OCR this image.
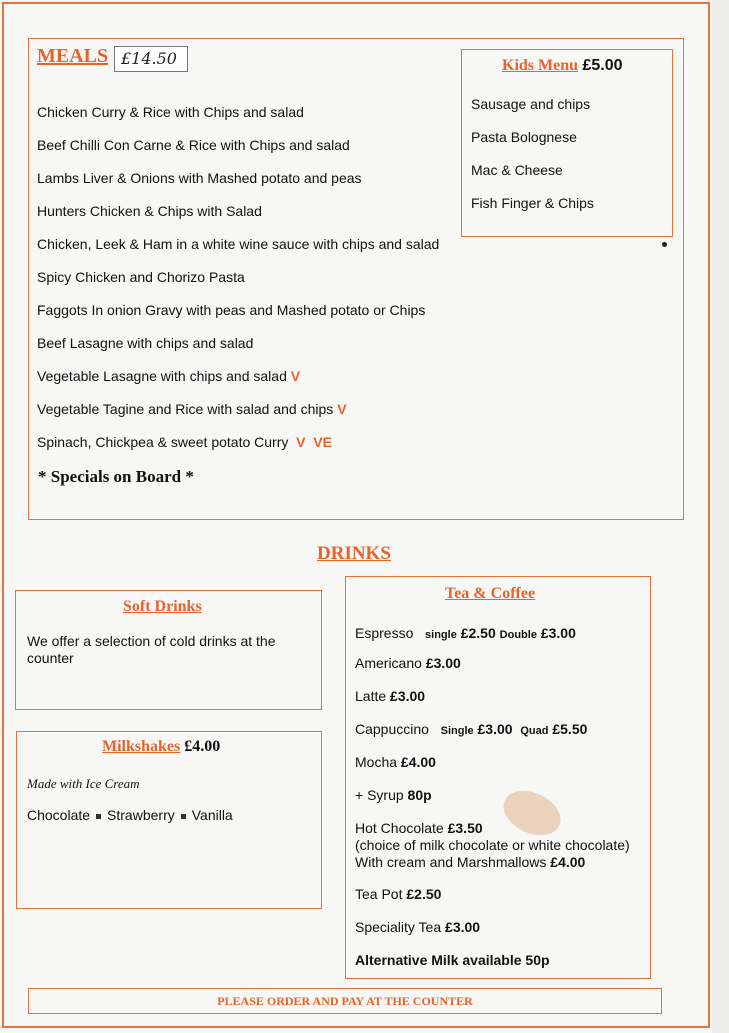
MEALS £14.50
Chicken Curry & Rice with Chips and salad
Beef Chilli Con Carne & Rice with Chips and salad
Lambs Liver & Onions with Mashed potato and peas
Hunters Chicken & Chips with Salad
Chicken, Leek & Ham in a white wine sauce with chips and salad
Spicy Chicken and Chorizo Pasta
Faggots In onion Gravy with peas and Mashed potato or Chips
Beef Lasagne with chips and salad
Vegetable Lasagne with chips and salad V
Vegetable Tagine and Rice with salad and chips V
Spinach, Chickpea & sweet potato Curry V  VE
* Specials on Board *
Kids Menu £5.00
Sausage and chips
Pasta Bolognese
Mac & Cheese
Fish Finger & Chips
DRINKS
Soft Drinks
We offer a selection of cold drinks at the counter
Milkshakes £4.00
Made with Ice Cream
Chocolate Strawberry Vanilla
Tea & Coffee
Espresso single £2.50 Double £3.00
Americano £3.00
Latte £3.00
Cappuccino Single £3.00 Quad £5.50
Mocha £4.00
+ Syrup 80p
Hot Chocolate £3.50
(choice of milk chocolate or white chocolate)
With cream and Marshmallows £4.00
Tea Pot £2.50
Speciality Tea £3.00
Alternative Milk available 50p
PLEASE ORDER AND PAY AT THE COUNTER
